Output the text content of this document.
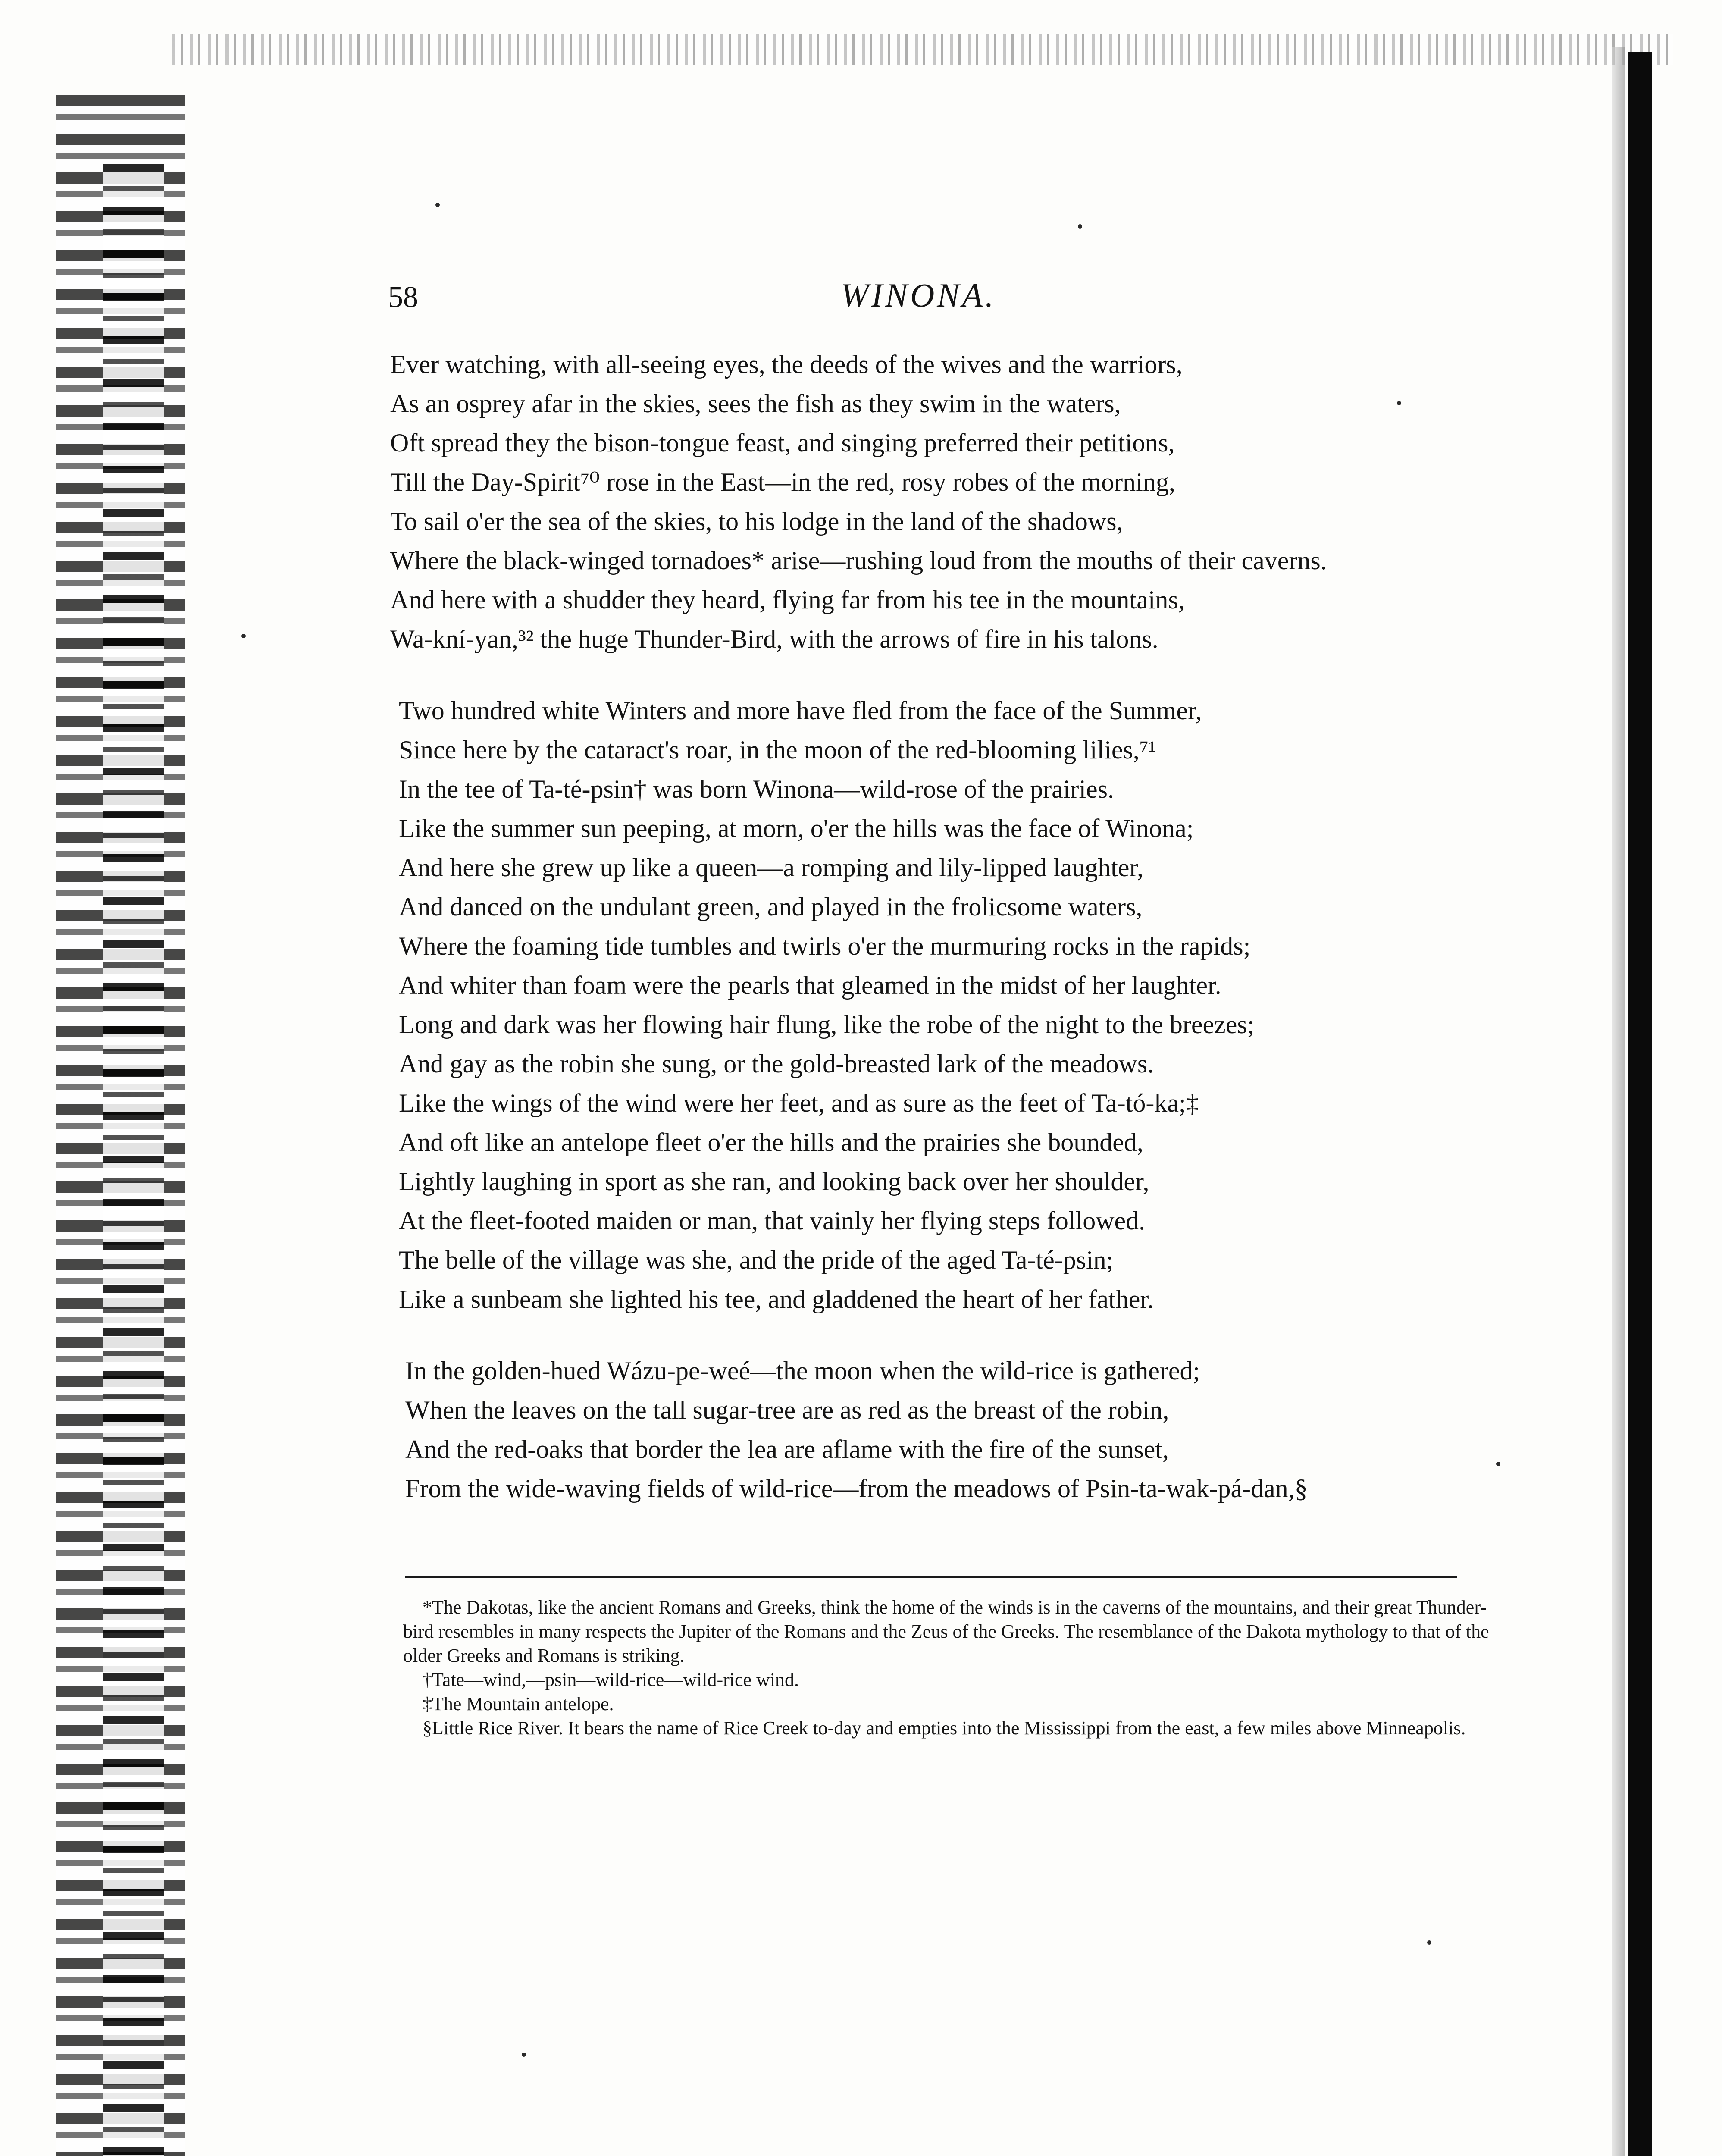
58	WINONA.
Ever watching, with all-seeing eyes, the deeds of the wives and the warriors,
As an osprey afar in the skies, sees the fish as they swim in the waters,
Oft spread they the bison-tongue feast, and singing preferred their petitions,
Till the Day-Spirit⁷⁰ rose in the East—in the red, rosy robes of the morning,
To sail o'er the sea of the skies, to his lodge in the land of the shadows,
Where the black-winged tornadoes* arise—rushing loud from the mouths of their caverns.
And here with a shudder they heard, flying far from his tee in the mountains,
Wa-kní-yan,³² the huge Thunder-Bird, with the arrows of fire in his talons.
Two hundred white Winters and more have fled from the face of the Summer,
Since here by the cataract's roar, in the moon of the red-blooming lilies,⁷¹
In the tee of Ta-té-psin† was born Winona—wild-rose of the prairies.
Like the summer sun peeping, at morn, o'er the hills was the face of Winona;
And here she grew up like a queen—a romping and lily-lipped laughter,
And danced on the undulant green, and played in the frolicsome waters,
Where the foaming tide tumbles and twirls o'er the murmuring rocks in the rapids;
And whiter than foam were the pearls that gleamed in the midst of her laughter.
Long and dark was her flowing hair flung, like the robe of the night to the breezes;
And gay as the robin she sung, or the gold-breasted lark of the meadows.
Like the wings of the wind were her feet, and as sure as the feet of Ta-tó-ka;‡
And oft like an antelope fleet o'er the hills and the prairies she bounded,
Lightly laughing in sport as she ran, and looking back over her shoulder,
At the fleet-footed maiden or man, that vainly her flying steps followed.
The belle of the village was she, and the pride of the aged Ta-té-psin;
Like a sunbeam she lighted his tee, and gladdened the heart of her father.
In the golden-hued Wázu-pe-weé—the moon when the wild-rice is gathered;
When the leaves on the tall sugar-tree are as red as the breast of the robin,
And the red-oaks that border the lea are aflame with the fire of the sunset,
From the wide-waving fields of wild-rice—from the meadows of Psin-ta-wak-pá-dan,§

*The Dakotas, like the ancient Romans and Greeks, think the home of the winds is in the caverns of the mountains, and their great Thunder-bird resembles in many respects the Jupiter of the Romans and the Zeus of the Greeks. The resemblance of the Dakota mythology to that of the older Greeks and Romans is striking.

†Tate—wind,—psin—wild-rice—wild-rice wind.

‡The Mountain antelope.

§Little Rice River. It bears the name of Rice Creek to-day and empties into the Mississippi from the east, a few miles above Minneapolis.
